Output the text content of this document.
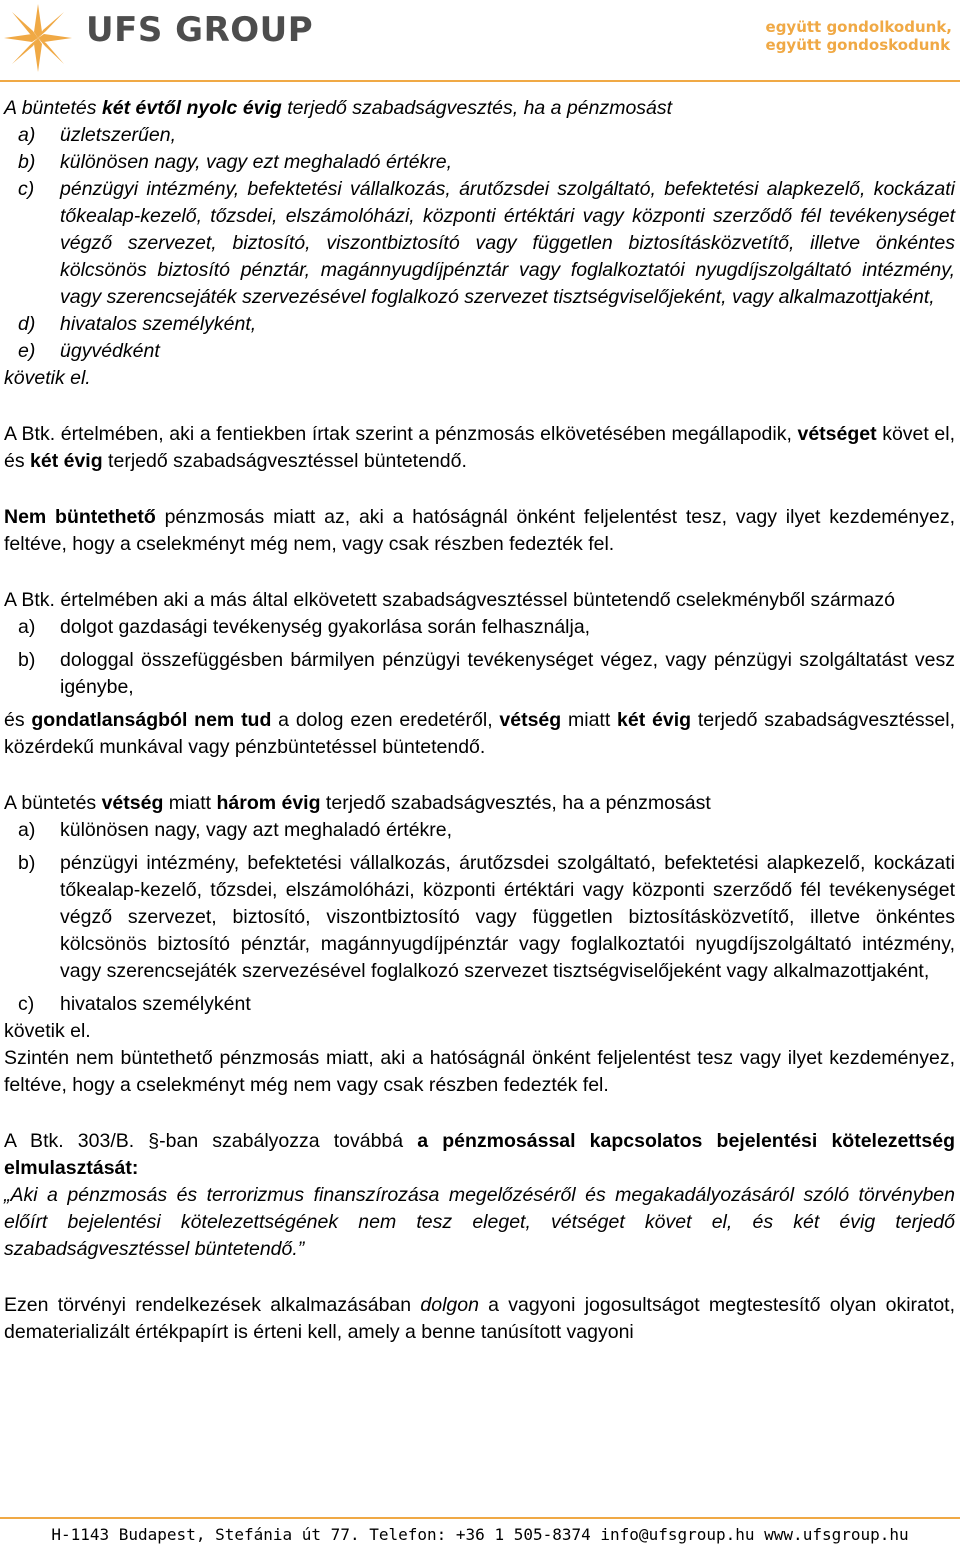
UFS GROUP	együtt gondolkodunk,
együtt gondoskodunk

A büntetés két évtől nyolc évig terjedő szabadságvesztés, ha a pénzmosást

a)	üzletszerűen,
b)	különösen nagy, vagy ezt meghaladó értékre,
c)	pénzügyi intézmény, befektetési vállalkozás, árutőzsdei szolgáltató, befektetési alapkezelő, kockázati tőkealap-kezelő, tőzsdei, elszámolóházi, központi értéktári vagy központi szerződő fél tevékenységet végző szervezet, biztosító, viszontbiztosító vagy független biztosításközvetítő, illetve önkéntes kölcsönös biztosító pénztár, magánnyugdíjpénztár vagy foglalkoztatói nyugdíjszolgáltató intézmény, vagy szerencsejáték szervezésével foglalkozó szervezet tisztségviselőjeként, vagy alkalmazottjaként,
d)	hivatalos személyként,
e)	ügyvédként

követik el.

A Btk. értelmében, aki a fentiekben írtak szerint a pénzmosás elkövetésében megállapodik, vétséget követ el, és két évig terjedő szabadságvesztéssel büntetendő.

Nem büntethető pénzmosás miatt az, aki a hatóságnál önként feljelentést tesz, vagy ilyet kezdeményez, feltéve, hogy a cselekményt még nem, vagy csak részben fedezték fel.

A Btk. értelmében aki a más által elkövetett szabadságvesztéssel büntetendő cselekményből származó

a)	dolgot gazdasági tevékenység gyakorlása során felhasználja,
b)	dologgal összefüggésben bármilyen pénzügyi tevékenységet végez, vagy pénzügyi szolgáltatást vesz igénybe,

és gondatlanságból nem tud a dolog ezen eredetéről, vétség miatt két évig terjedő szabadságvesztéssel, közérdekű munkával vagy pénzbüntetéssel büntetendő.

A büntetés vétség miatt három évig terjedő szabadságvesztés, ha a pénzmosást

a)	különösen nagy, vagy azt meghaladó értékre,
b)	pénzügyi intézmény, befektetési vállalkozás, árutőzsdei szolgáltató, befektetési alapkezelő, kockázati tőkealap-kezelő, tőzsdei, elszámolóházi, központi értéktári vagy központi szerződő fél tevékenységet végző szervezet, biztosító, viszontbiztosító vagy független biztosításközvetítő, illetve önkéntes kölcsönös biztosító pénztár, magánnyugdíjpénztár vagy foglalkoztatói nyugdíjszolgáltató intézmény, vagy szerencsejáték szervezésével foglalkozó szervezet tisztségviselőjeként vagy alkalmazottjaként,
c)	hivatalos személyként

követik el.

Szintén nem büntethető pénzmosás miatt, aki a hatóságnál önként feljelentést tesz vagy ilyet kezdeményez, feltéve, hogy a cselekményt még nem vagy csak részben fedezték fel.

A Btk. 303/B. §-ban szabályozza továbbá a pénzmosással kapcsolatos bejelentési kötelezettség elmulasztását:

„Aki a pénzmosás és terrorizmus finanszírozása megelőzéséről és megakadályozásáról szóló törvényben előírt bejelentési kötelezettségének nem tesz eleget, vétséget követ el, és két évig terjedő szabadságvesztéssel büntetendő.”

Ezen törvényi rendelkezések alkalmazásában dolgon a vagyoni jogosultságot megtestesítő olyan okiratot, dematerializált értékpapírt is érteni kell, amely a benne tanúsított vagyoni

H-1143 Budapest, Stefánia út 77. Telefon: +36 1 505-8374 info@ufsgroup.hu www.ufsgroup.hu
